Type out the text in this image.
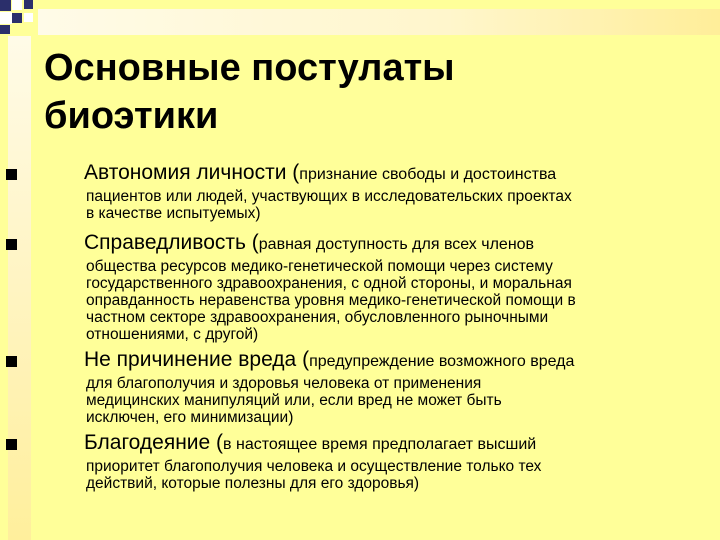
Основные постулаты
биоэтики
Автономия личности (признание свободы и достоинства
пациентов или людей, участвующих в исследовательских проектах
в качестве испытуемых)
Справедливость (равная доступность для всех членов
общества ресурсов медико-генетической помощи через систему
государственного здравоохранения, с одной стороны, и моральная
оправданность неравенства уровня медико-генетической помощи в
частном секторе здравоохранения, обусловленного рыночными
отношениями, с другой)
Не причинение вреда (предупреждение возможного вреда
для благополучия и здоровья человека от применения
медицинских манипуляций или, если вред не может быть
исключен, его минимизации)
Благодеяние (в настоящее время предполагает высший
приоритет благополучия человека и осуществление только тех
действий, которые полезны для его здоровья)
